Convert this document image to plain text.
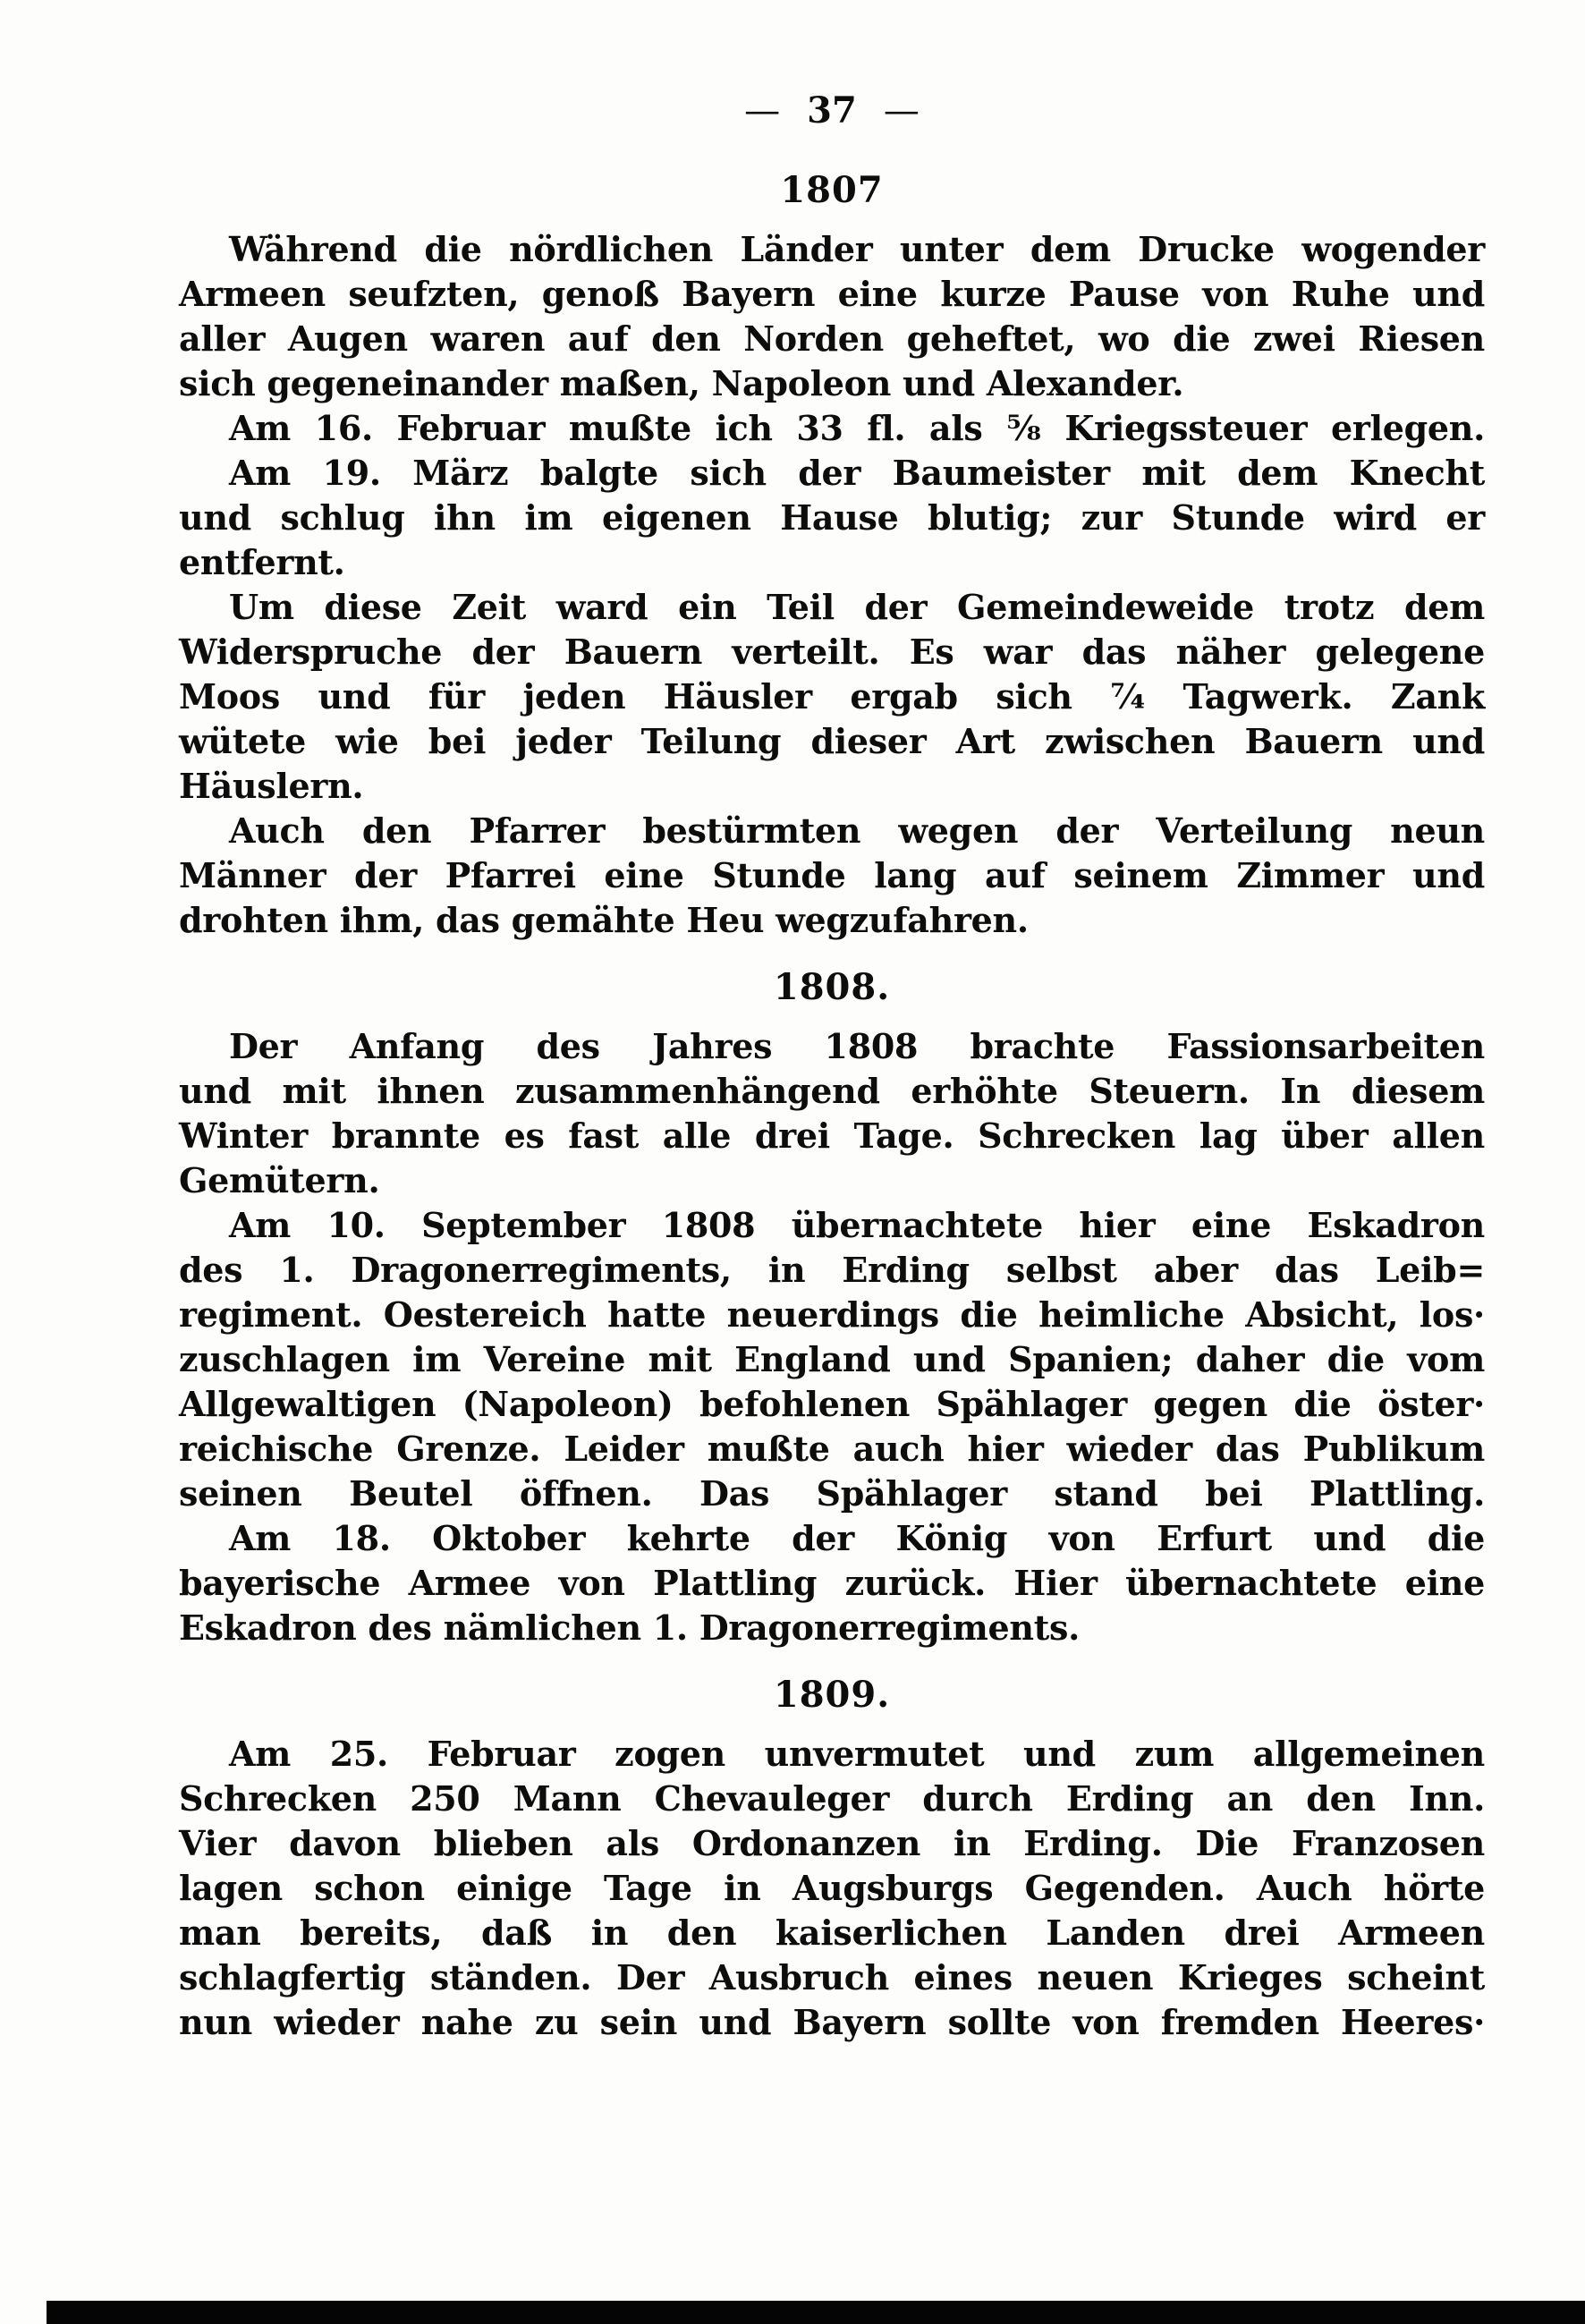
— 37 —
1807
Während die nördlichen Länder unter dem Drucke wogender
Armeen seufzten, genoß Bayern eine kurze Pause von Ruhe und
aller Augen waren auf den Norden geheftet, wo die zwei Riesen
sich gegeneinander maßen, Napoleon und Alexander.
Am 16. Februar mußte ich 33 fl. als ⁵⁄₈ Kriegssteuer erlegen.
Am 19. März balgte sich der Baumeister mit dem Knecht
und schlug ihn im eigenen Hause blutig; zur Stunde wird er
entfernt.
Um diese Zeit ward ein Teil der Gemeindeweide trotz dem
Widerspruche der Bauern verteilt. Es war das näher gelegene
Moos und für jeden Häusler ergab sich ⁷⁄₄ Tagwerk. Zank
wütete wie bei jeder Teilung dieser Art zwischen Bauern und
Häuslern.
Auch den Pfarrer bestürmten wegen der Verteilung neun
Männer der Pfarrei eine Stunde lang auf seinem Zimmer und
drohten ihm, das gemähte Heu wegzufahren.
1808.
Der Anfang des Jahres 1808 brachte Fassionsarbeiten
und mit ihnen zusammenhängend erhöhte Steuern. In diesem
Winter brannte es fast alle drei Tage. Schrecken lag über allen
Gemütern.
Am 10. September 1808 übernachtete hier eine Eskadron
des 1. Dragonerregiments, in Erding selbst aber das Leib=
regiment. Oestereich hatte neuerdings die heimliche Absicht, los·
zuschlagen im Vereine mit England und Spanien; daher die vom
Allgewaltigen (Napoleon) befohlenen Spählager gegen die öster·
reichische Grenze. Leider mußte auch hier wieder das Publikum
seinen Beutel öffnen. Das Spählager stand bei Plattling.
Am 18. Oktober kehrte der König von Erfurt und die
bayerische Armee von Plattling zurück. Hier übernachtete eine
Eskadron des nämlichen 1. Dragonerregiments.
1809.
Am 25. Februar zogen unvermutet und zum allgemeinen
Schrecken 250 Mann Chevauleger durch Erding an den Inn.
Vier davon blieben als Ordonanzen in Erding. Die Franzosen
lagen schon einige Tage in Augsburgs Gegenden. Auch hörte
man bereits, daß in den kaiserlichen Landen drei Armeen
schlagfertig ständen. Der Ausbruch eines neuen Krieges scheint
nun wieder nahe zu sein und Bayern sollte von fremden Heeres·
